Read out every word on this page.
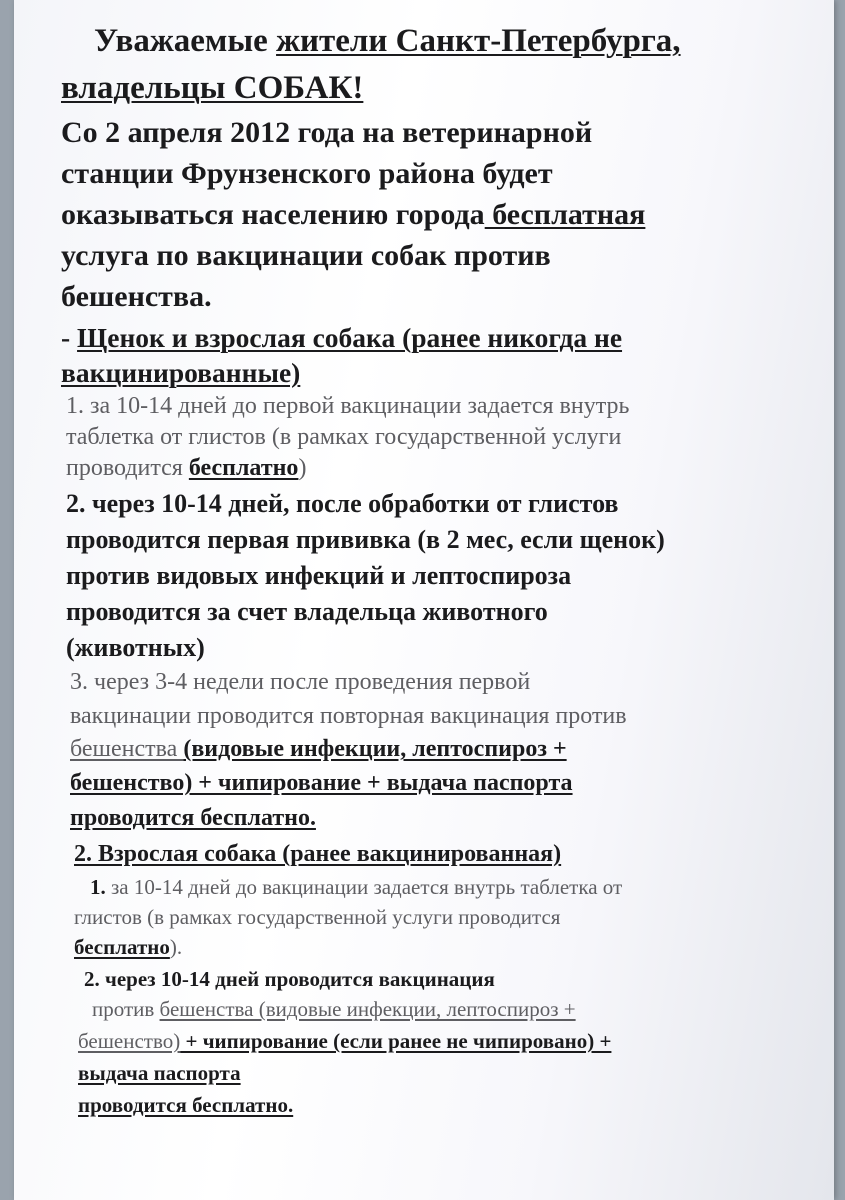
Уважаемые жители Санкт-Петербурга,
владельцы СОБАК!
Со 2 апреля 2012 года на ветеринарной
станции Фрунзенского района будет
оказываться населению города бесплатная
услуга по вакцинации собак против
бешенства.
- Щенок и взрослая собака (ранее никогда не
вакцинированные)
1. за 10-14 дней до первой вакцинации задается внутрь
таблетка от глистов (в рамках государственной услуги
проводится бесплатно)
2. через 10-14 дней, после обработки от глистов
проводится первая прививка (в 2 мес, если щенок)
против видовых инфекций и лептоспироза
проводится за счет владельца животного
(животных)
3. через 3-4 недели после проведения первой
вакцинации проводится повторная вакцинация против
бешенства (видовые инфекции, лептоспироз +
бешенство) + чипирование + выдача паспорта
проводится бесплатно.
2. Взрослая собака (ранее вакцинированная)
1. за 10-14 дней до вакцинации задается внутрь таблетка от
глистов (в рамках государственной услуги проводится
бесплатно).
2. через 10-14 дней проводится вакцинация
против бешенства (видовые инфекции, лептоспироз +
бешенство) + чипирование (если ранее не чипировано) +
выдача паспорта
проводится бесплатно.
